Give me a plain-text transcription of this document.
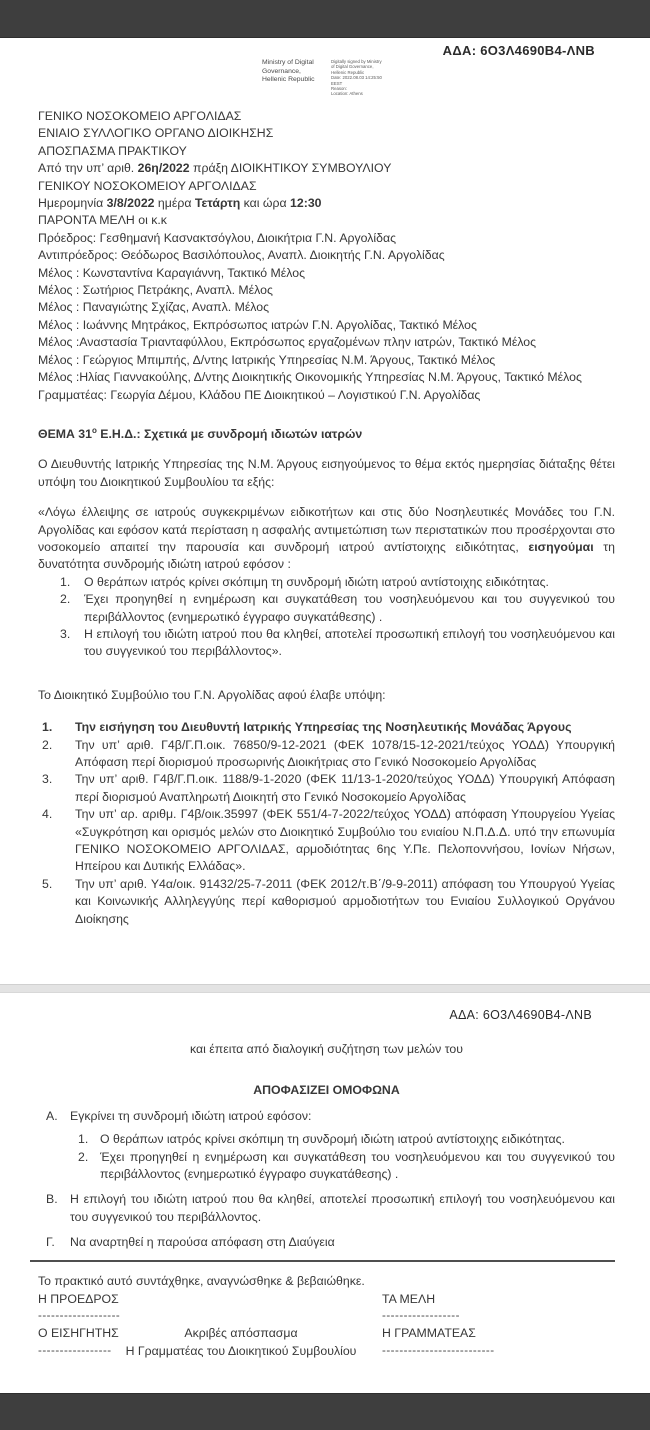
ΑΔΑ: 6Ο3Λ4690Β4-ΛΝΒ
Ministry of Digital
Governance,
Hellenic Republic
Digitally signed by Ministry
of Digital Governance,
Hellenic Republic
Date: 2022.08.03 14:25:50
EEST
Reason:
Location: Athens
ΓΕΝΙΚΟ ΝΟΣΟΚΟΜΕΙΟ ΑΡΓΟΛΙΔΑΣ
ΕΝΙΑΙΟ ΣΥΛΛΟΓΙΚΟ ΟΡΓΑΝΟ ΔΙΟΙΚΗΣΗΣ
ΑΠΟΣΠΑΣΜΑ ΠΡΑΚΤΙΚΟΥ
Από την υπ’ αριθ. 26η/2022 πράξη ΔΙΟΙΚΗΤΙΚΟΥ ΣΥΜΒΟΥΛΙΟΥ
ΓΕΝΙΚΟΥ ΝΟΣΟΚΟΜΕΙΟΥ ΑΡΓΟΛΙΔΑΣ
Ημερομηνία 3/8/2022 ημέρα Τετάρτη και ώρα 12:30
ΠΑΡΟΝΤΑ ΜΕΛΗ οι κ.κ
Πρόεδρος: Γεσθημανή Κασνακτσόγλου, Διοικήτρια Γ.Ν. Αργολίδας
Αντιπρόεδρος: Θεόδωρος Βασιλόπουλος, Αναπλ. Διοικητής Γ.Ν. Αργολίδας
Μέλος : Κωνσταντίνα Καραγιάννη, Τακτικό Μέλος
Μέλος : Σωτήριος Πετράκης, Αναπλ. Μέλος
Μέλος : Παναγιώτης Σχίζας, Αναπλ. Μέλος
Μέλος : Ιωάννης Μητράκος, Εκπρόσωπος ιατρών Γ.Ν. Αργολίδας, Τακτικό Μέλος
Μέλος :Αναστασία Τριανταφύλλου, Εκπρόσωπος εργαζομένων πλην ιατρών, Τακτικό Μέλος
Μέλος : Γεώργιος Μπιμπής, Δ/ντης Ιατρικής Υπηρεσίας Ν.Μ. Άργους, Τακτικό Μέλος
Μέλος :Ηλίας Γιαννακούλης, Δ/ντης Διοικητικής Οικονομικής Υπηρεσίας Ν.Μ. Άργους, Τακτικό Μέλος
Γραμματέας: Γεωργία Δέμου, Κλάδου ΠΕ Διοικητικού – Λογιστικού Γ.Ν. Αργολίδας
ΘΕΜΑ $31^o$ Ε.Η.Δ.: Σχετικά με συνδρομή ιδιωτών ιατρών
Ο Διευθυντής Ιατρικής Υπηρεσίας της Ν.Μ. Άργους εισηγούμενος το θέμα εκτός ημερησίας διάταξης θέτει υπόψη του Διοικητικού Συμβουλίου τα εξής:
«Λόγω έλλειψης σε ιατρούς συγκεκριμένων ειδικοτήτων και στις δύο Νοσηλευτικές Μονάδες του Γ.Ν. Αργολίδας και εφόσον κατά περίσταση η ασφαλής αντιμετώπιση των περιστατικών που προσέρχονται στο νοσοκομείο απαιτεί την παρουσία και συνδρομή ιατρού αντίστοιχης ειδικότητας, εισηγούμαι τη δυνατότητα συνδρομής ιδιώτη ιατρού εφόσον :
1.	Ο θεράπων ιατρός κρίνει σκόπιμη τη συνδρομή ιδιώτη ιατρού αντίστοιχης ειδικότητας.
2.	Έχει προηγηθεί η ενημέρωση και συγκατάθεση του νοσηλευόμενου και του συγγενικού του περιβάλλοντος (ενημερωτικό έγγραφο συγκατάθεσης) .
3.	Η επιλογή του ιδιώτη ιατρού που θα κληθεί, αποτελεί προσωπική επιλογή του νοσηλευόμενου και του συγγενικού του περιβάλλοντος».
Το Διοικητικό Συμβούλιο του Γ.Ν. Αργολίδας αφού έλαβε υπόψη:
1.	Την εισήγηση του Διευθυντή Ιατρικής Υπηρεσίας της Νοσηλευτικής Μονάδας Άργους
2.	Την υπ’ αριθ. Γ4β/Γ.Π.οικ. 76850/9-12-2021 (ΦΕΚ 1078/15-12-2021/τεύχος ΥΟΔΔ) Υπουργική Απόφαση περί διορισμού προσωρινής Διοικήτριας στο Γενικό Νοσοκομείο Αργολίδας
3.	Την υπ’ αριθ. Γ4β/Γ.Π.οικ. 1188/9-1-2020 (ΦΕΚ 11/13-1-2020/τεύχος ΥΟΔΔ) Υπουργική Απόφαση περί διορισμού Αναπληρωτή Διοικητή στο Γενικό Νοσοκομείο Αργολίδας
4.	Την υπ’ αρ. αριθμ. Γ4β/οικ.35997 (ΦΕΚ 551/4-7-2022/τεύχος ΥΟΔΔ) απόφαση Υπουργείου Υγείας «Συγκρότηση και ορισμός μελών στο Διοικητικό Συμβούλιο του ενιαίου Ν.Π.Δ.Δ. υπό την επωνυμία ΓΕΝΙΚΟ ΝΟΣΟΚΟΜΕΙΟ ΑΡΓΟΛΙΔΑΣ, αρμοδιότητας 6ης Υ.Πε. Πελοποννήσου, Ιονίων Νήσων, Ηπείρου και Δυτικής Ελλάδας».
5.	Την υπ’ αριθ. Υ4α/οικ. 91432/25-7-2011 (ΦΕΚ 2012/τ.Β΄/9-9-2011) απόφαση του Υπουργού Υγείας και Κοινωνικής Αλληλεγγύης περί καθορισμού αρμοδιοτήτων του Ενιαίου Συλλογικού Οργάνου Διοίκησης
ΑΔΑ: 6Ο3Λ4690Β4-ΛΝΒ
και έπειτα από διαλογική συζήτηση των μελών του
ΑΠΟΦΑΣΙΖΕΙ ΟΜΟΦΩΝΑ
Α.	Εγκρίνει τη συνδρομή ιδιώτη ιατρού εφόσον:
1. Ο θεράπων ιατρός κρίνει σκόπιμη τη συνδρομή ιδιώτη ιατρού αντίστοιχης ειδικότητας.
2. Έχει προηγηθεί η ενημέρωση και συγκατάθεση του νοσηλευόμενου και του συγγενικού του περιβάλλοντος (ενημερωτικό έγγραφο συγκατάθεσης) .
Β.	Η επιλογή του ιδιώτη ιατρού που θα κληθεί, αποτελεί προσωπική επιλογή του νοσηλευόμενου και του συγγενικού του περιβάλλοντος.
Γ.	Να αναρτηθεί η παρούσα απόφαση στη Διαύγεια
Το πρακτικό αυτό συντάχθηκε, αναγνώσθηκε & βεβαιώθηκε.
Η ΠΡΟΕΔΡΟΣ	ΤΑ ΜΕΛΗ
-------------------	------------------
Ο ΕΙΣΗΓΗΤΗΣ	Ακριβές απόσπασμα	Η ΓΡΑΜΜΑΤΕΑΣ
-----------------	Η Γραμματέας του Διοικητικού Συμβουλίου	--------------------------
